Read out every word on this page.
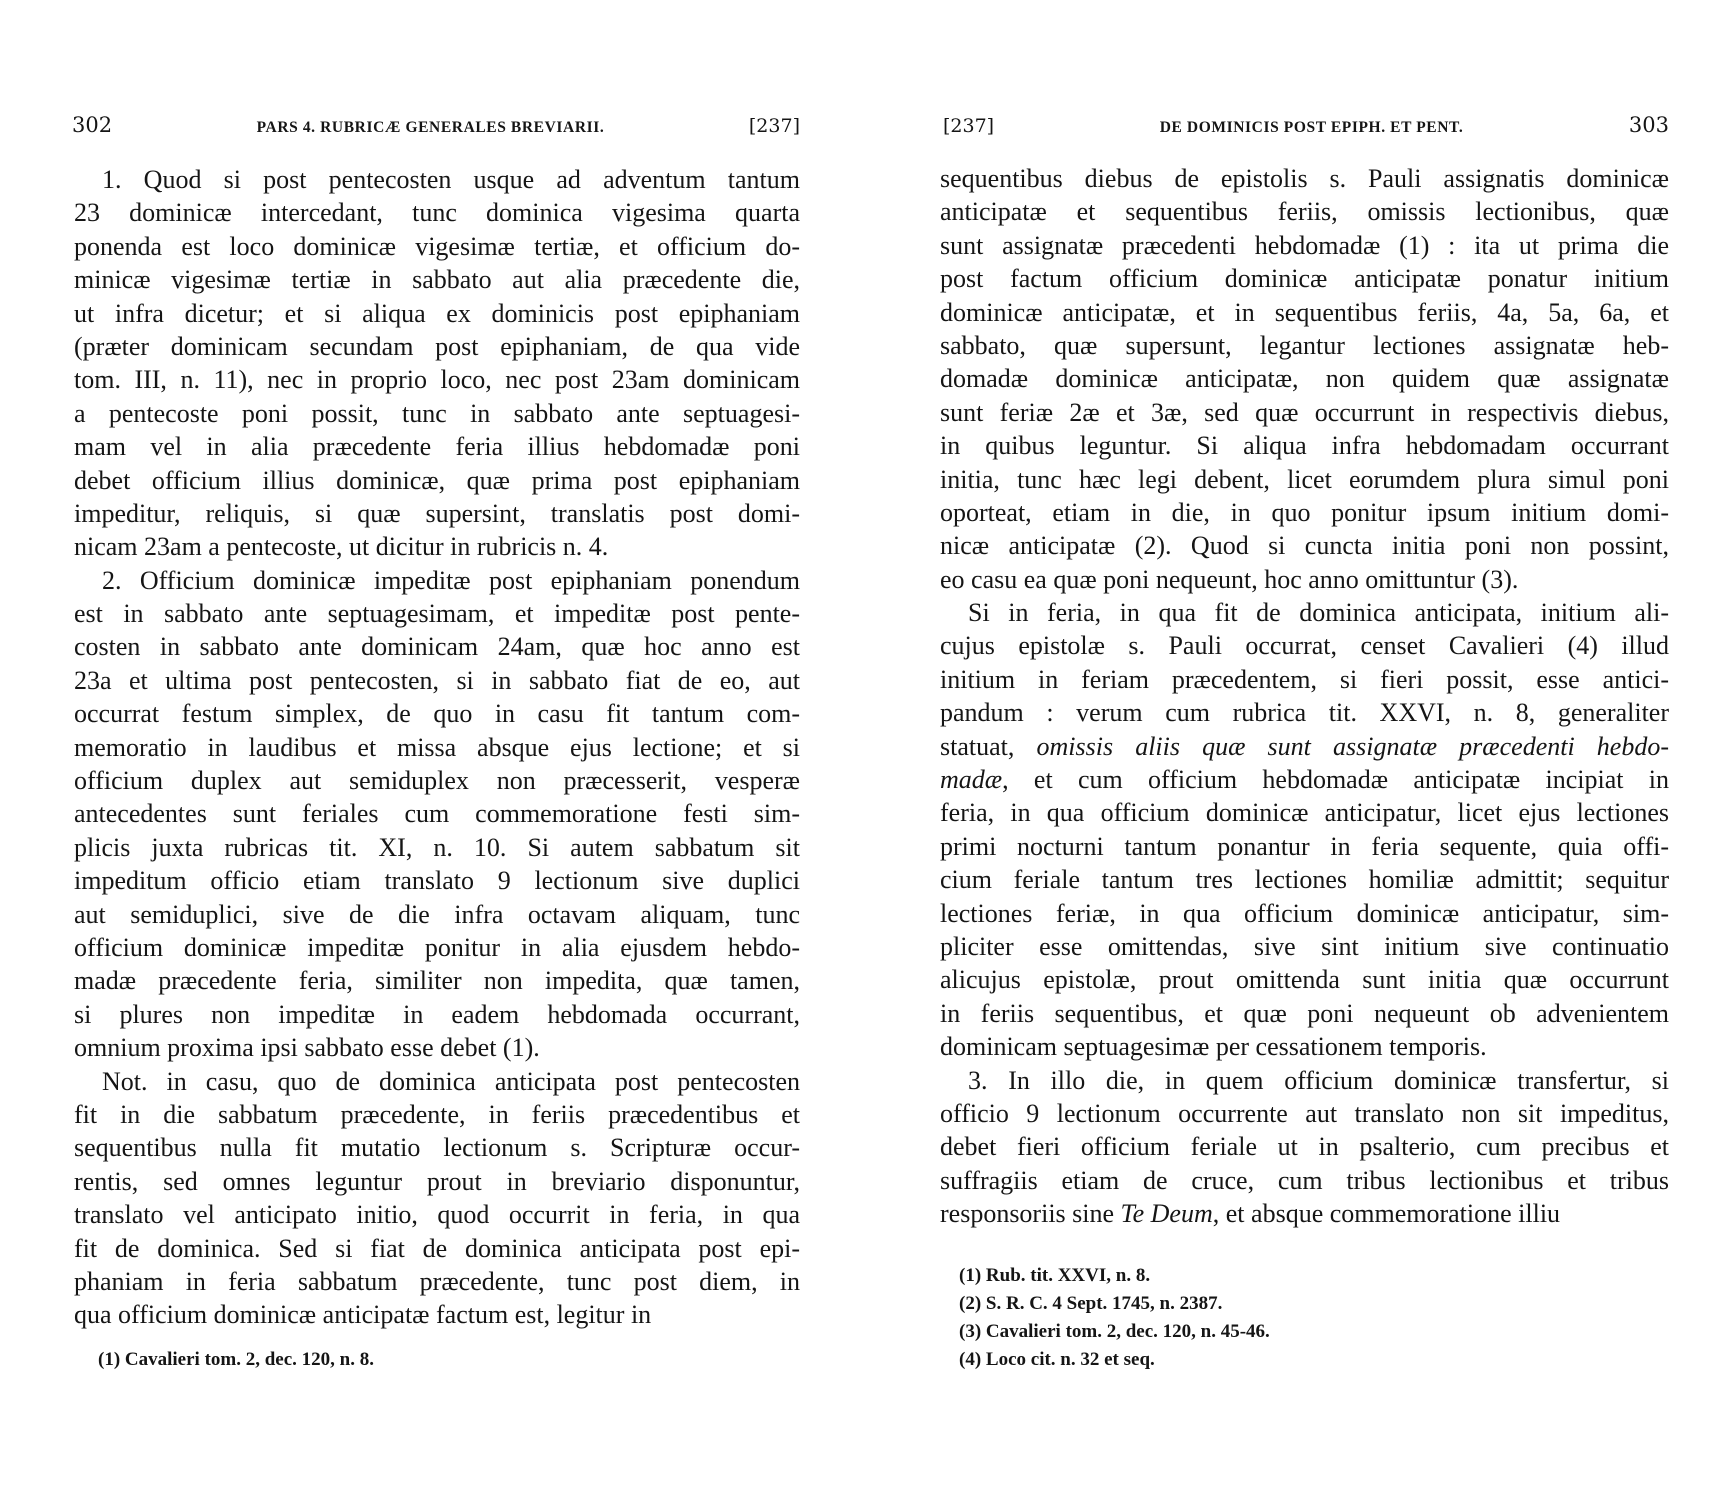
302	PARS 4. RUBRICÆ GENERALES BREVIARII.	[237]
1. Quod si post pentecosten usque ad adventum tantum
23 dominicæ intercedant, tunc dominica vigesima quarta
ponenda est loco dominicæ vigesimæ tertiæ, et officium do-
minicæ vigesimæ tertiæ in sabbato aut alia præcedente die,
ut infra dicetur; et si aliqua ex dominicis post epiphaniam
(præter dominicam secundam post epiphaniam, de qua vide
tom. III, n. 11), nec in proprio loco, nec post 23am dominicam
a pentecoste poni possit, tunc in sabbato ante septuagesi-
mam vel in alia præcedente feria illius hebdomadæ poni
debet officium illius dominicæ, quæ prima post epiphaniam
impeditur, reliquis, si quæ supersint, translatis post domi-
nicam 23am a pentecoste, ut dicitur in rubricis n. 4.
2. Officium dominicæ impeditæ post epiphaniam ponendum
est in sabbato ante septuagesimam, et impeditæ post pente-
costen in sabbato ante dominicam 24am, quæ hoc anno est
23a et ultima post pentecosten, si in sabbato fiat de eo, aut
occurrat festum simplex, de quo in casu fit tantum com-
memoratio in laudibus et missa absque ejus lectione; et si
officium duplex aut semiduplex non præcesserit, vesperæ
antecedentes sunt feriales cum commemoratione festi sim-
plicis juxta rubricas tit. XI, n. 10. Si autem sabbatum sit
impeditum officio etiam translato 9 lectionum sive duplici
aut semiduplici, sive de die infra octavam aliquam, tunc
officium dominicæ impeditæ ponitur in alia ejusdem hebdo-
madæ præcedente feria, similiter non impedita, quæ tamen,
si plures non impeditæ in eadem hebdomada occurrant,
omnium proxima ipsi sabbato esse debet (1).
Not. in casu, quo de dominica anticipata post pentecosten
fit in die sabbatum præcedente, in feriis præcedentibus et
sequentibus nulla fit mutatio lectionum s. Scripturæ occur-
rentis, sed omnes leguntur prout in breviario disponuntur,
translato vel anticipato initio, quod occurrit in feria, in qua
fit de dominica. Sed si fiat de dominica anticipata post epi-
phaniam in feria sabbatum præcedente, tunc post diem, in
qua officium dominicæ anticipatæ factum est, legitur in
(1) Cavalieri tom. 2, dec. 120, n. 8.
[237]	DE DOMINICIS POST EPIPH. ET PENT.	303
sequentibus diebus de epistolis s. Pauli assignatis dominicæ
anticipatæ et sequentibus feriis, omissis lectionibus, quæ
sunt assignatæ præcedenti hebdomadæ (1) : ita ut prima die
post factum officium dominicæ anticipatæ ponatur initium
dominicæ anticipatæ, et in sequentibus feriis, 4a, 5a, 6a, et
sabbato, quæ supersunt, legantur lectiones assignatæ heb-
domadæ dominicæ anticipatæ, non quidem quæ assignatæ
sunt feriæ 2æ et 3æ, sed quæ occurrunt in respectivis diebus,
in quibus leguntur. Si aliqua infra hebdomadam occurrant
initia, tunc hæc legi debent, licet eorumdem plura simul poni
oporteat, etiam in die, in quo ponitur ipsum initium domi-
nicæ anticipatæ (2). Quod si cuncta initia poni non possint,
eo casu ea quæ poni nequeunt, hoc anno omittuntur (3).
Si in feria, in qua fit de dominica anticipata, initium ali-
cujus epistolæ s. Pauli occurrat, censet Cavalieri (4) illud
initium in feriam præcedentem, si fieri possit, esse antici-
pandum : verum cum rubrica tit. XXVI, n. 8, generaliter
statuat, omissis aliis quæ sunt assignatæ præcedenti hebdo-
madæ, et cum officium hebdomadæ anticipatæ incipiat in
feria, in qua officium dominicæ anticipatur, licet ejus lectiones
primi nocturni tantum ponantur in feria sequente, quia offi-
cium feriale tantum tres lectiones homiliæ admittit; sequitur
lectiones feriæ, in qua officium dominicæ anticipatur, sim-
pliciter esse omittendas, sive sint initium sive continuatio
alicujus epistolæ, prout omittenda sunt initia quæ occurrunt
in feriis sequentibus, et quæ poni nequeunt ob advenientem
dominicam septuagesimæ per cessationem temporis.
3. In illo die, in quem officium dominicæ transfertur, si
officio 9 lectionum occurrente aut translato non sit impeditus,
debet fieri officium feriale ut in psalterio, cum precibus et
suffragiis etiam de cruce, cum tribus lectionibus et tribus
responsoriis sine Te Deum, et absque commemoratione illiu
(1) Rub. tit. XXVI, n. 8.
(2) S. R. C. 4 Sept. 1745, n. 2387.
(3) Cavalieri tom. 2, dec. 120, n. 45-46.
(4) Loco cit. n. 32 et seq.
